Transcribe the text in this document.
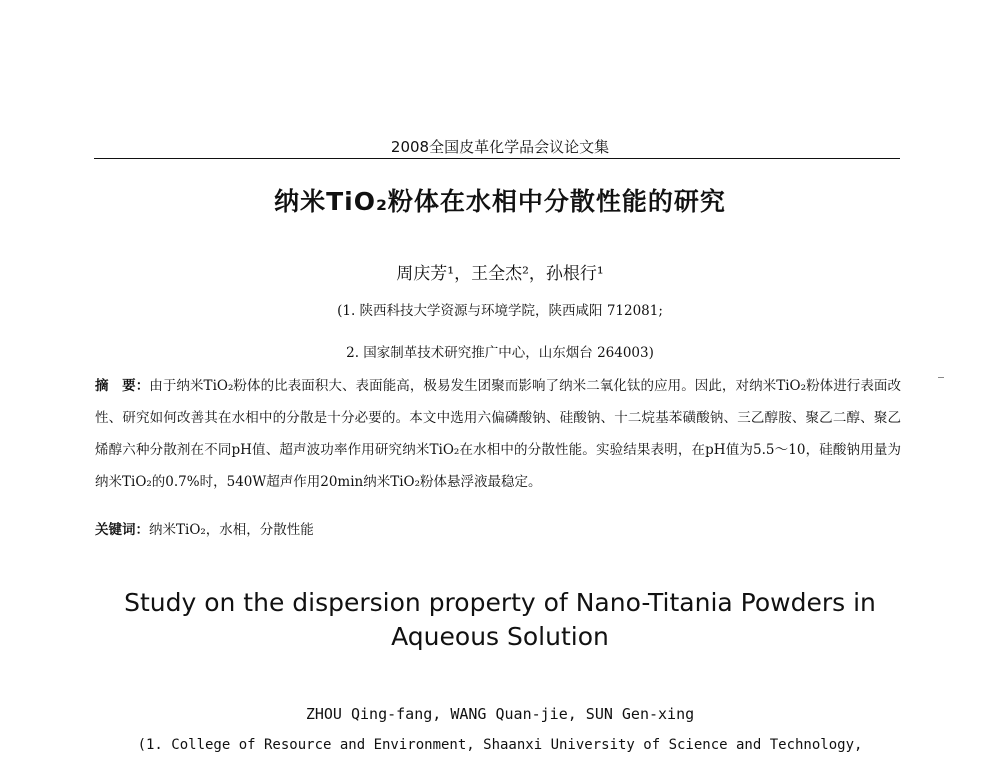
2008全国皮革化学品会议论文集
纳米TiO₂粉体在水相中分散性能的研究
周庆芳¹，王全杰²，孙根行¹
(1. 陕西科技大学资源与环境学院，陕西咸阳 712081;
2. 国家制革技术研究推广中心，山东烟台 264003)
摘　要：由于纳米TiO₂粉体的比表面积大、表面能高，极易发生团聚而影响了纳米二氧化钛的应用。因此，对纳米TiO₂粉体进行表面改性、研究如何改善其在水相中的分散是十分必要的。本文中选用六偏磷酸钠、硅酸钠、十二烷基苯磺酸钠、三乙醇胺、聚乙二醇、聚乙烯醇六种分散剂在不同pH值、超声波功率作用研究纳米TiO₂在水相中的分散性能。实验结果表明，在pH值为5.5～10，硅酸钠用量为纳米TiO₂的0.7%时，540W超声作用20min纳米TiO₂粉体悬浮液最稳定。
关键词：纳米TiO₂，水相，分散性能
Study on the dispersion property of Nano-Titania Powders in Aqueous Solution
ZHOU Qing-fang, WANG Quan-jie, SUN Gen-xing
(1. College of Resource and Environment, Shaanxi University of Science and Technology,
